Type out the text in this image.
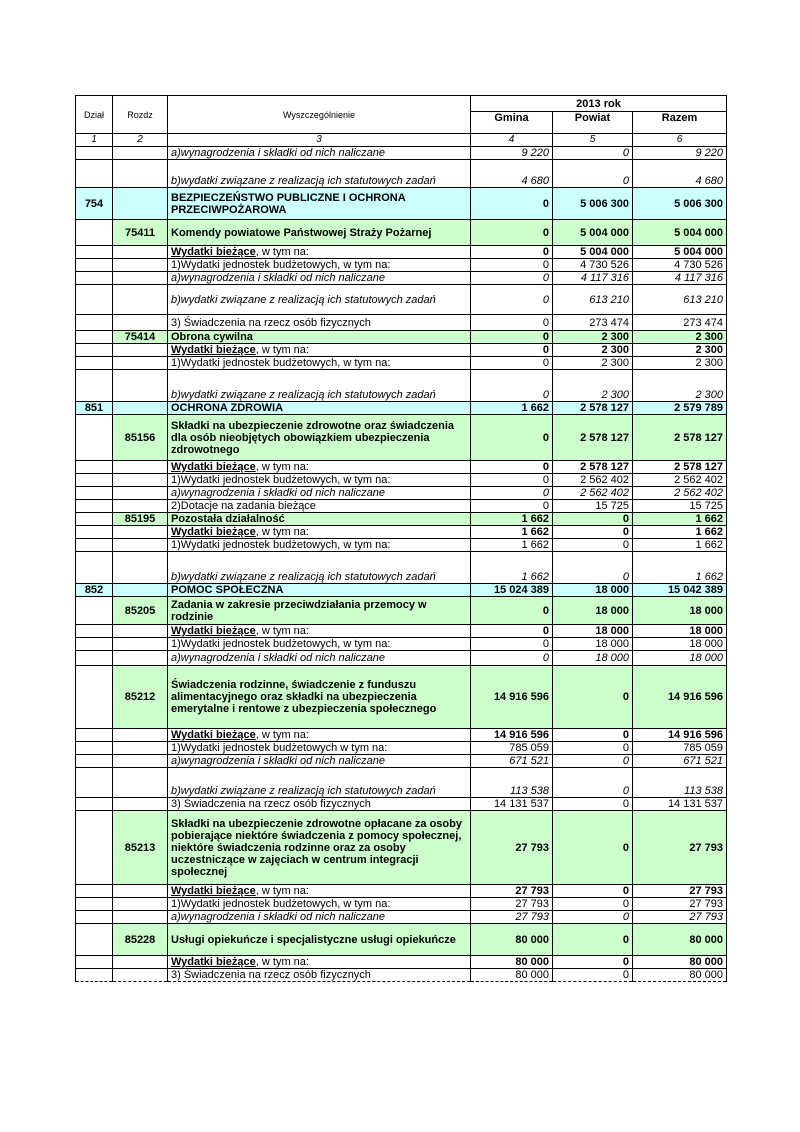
Dział	Rozdz	Wyszczególnienie	2013 rok		
			Gmina	Powiat	Razem
1	2	3	4	5	6
		a)wynagrodzenia i składki od nich naliczane	9 220	0	9 220
		b)wydatki związane z realizacją ich statutowych zadań	4 680	0	4 680
754		BEZPIECZEŃSTWO PUBLICZNE I OCHRONA PRZECIWPOŻAROWA	0	5 006 300	5 006 300
	75411	Komendy powiatowe Państwowej Straży Pożarnej	0	5 004 000	5 004 000
		Wydatki bieżące, w tym na:	0	5 004 000	5 004 000
		1)Wydatki jednostek budżetowych, w tym na:	0	4 730 526	4 730 526
		a)wynagrodzenia i składki od nich naliczane	0	4 117 316	4 117 316
		b)wydatki związane z realizacją ich statutowych zadań	0	613 210	613 210
		3) Świadczenia na rzecz osób fizycznych	0	273 474	273 474
	75414	Obrona cywilna	0	2 300	2 300
		Wydatki bieżące, w tym na:	0	2 300	2 300
		1)Wydatki jednostek budżetowych, w tym na:	0	2 300	2 300
		b)wydatki związane z realizacją ich statutowych zadań	0	2 300	2 300
851		OCHRONA ZDROWIA	1 662	2 578 127	2 579 789
	85156	Składki na ubezpieczenie zdrowotne oraz świadczenia dla osób nieobjętych obowiązkiem ubezpieczenia zdrowotnego	0	2 578 127	2 578 127
		Wydatki bieżące, w tym na:	0	2 578 127	2 578 127
		1)Wydatki jednostek budżetowych, w tym na:	0	2 562 402	2 562 402
		a)wynagrodzenia i składki od nich naliczane	0	2 562 402	2 562 402
		2)Dotacje na zadania bieżące	0	15 725	15 725
	85195	Pozostała działalność	1 662	0	1 662
		Wydatki bieżące, w tym na:	1 662	0	1 662
		1)Wydatki jednostek budżetowych, w tym na:	1 662	0	1 662
		b)wydatki związane z realizacją ich statutowych zadań	1 662	0	1 662
852		POMOC SPOŁECZNA	15 024 389	18 000	15 042 389
	85205	Zadania w zakresie przeciwdziałania przemocy w rodzinie	0	18 000	18 000
		Wydatki bieżące, w tym na:	0	18 000	18 000
		1)Wydatki jednostek budżetowych, w tym na:	0	18 000	18 000
		a)wynagrodzenia i składki od nich naliczane	0	18 000	18 000
	85212	Świadczenia rodzinne, świadczenie z funduszu alimentacyjnego oraz składki na ubezpieczenia emerytalne i rentowe z ubezpieczenia społecznego	14 916 596	0	14 916 596
		Wydatki bieżące, w tym na:	14 916 596	0	14 916 596
		1)Wydatki jednostek budżetowych w tym na:	785 059	0	785 059
		a)wynagrodzenia i składki od nich naliczane	671 521	0	671 521
		b)wydatki związane z realizacją ich statutowych zadań	113 538	0	113 538
		3) Świadczenia na rzecz osób fizycznych	14 131 537	0	14 131 537
	85213	Składki na ubezpieczenie zdrowotne opłacane za osoby pobierające niektóre świadczenia z pomocy społecznej, niektóre świadczenia rodzinne oraz za osoby uczestniczące w zajęciach w centrum integracji społecznej	27 793	0	27 793
		Wydatki bieżące, w tym na:	27 793	0	27 793
		1)Wydatki jednostek budżetowych, w tym na:	27 793	0	27 793
		a)wynagrodzenia i składki od nich naliczane	27 793	0	27 793
	85228	Usługi opiekuńcze i specjalistyczne usługi opiekuńcze	80 000	0	80 000
		Wydatki bieżące, w tym na:	80 000	0	80 000
		3) Świadczenia na rzecz osób fizycznych	80 000	0	80 000
